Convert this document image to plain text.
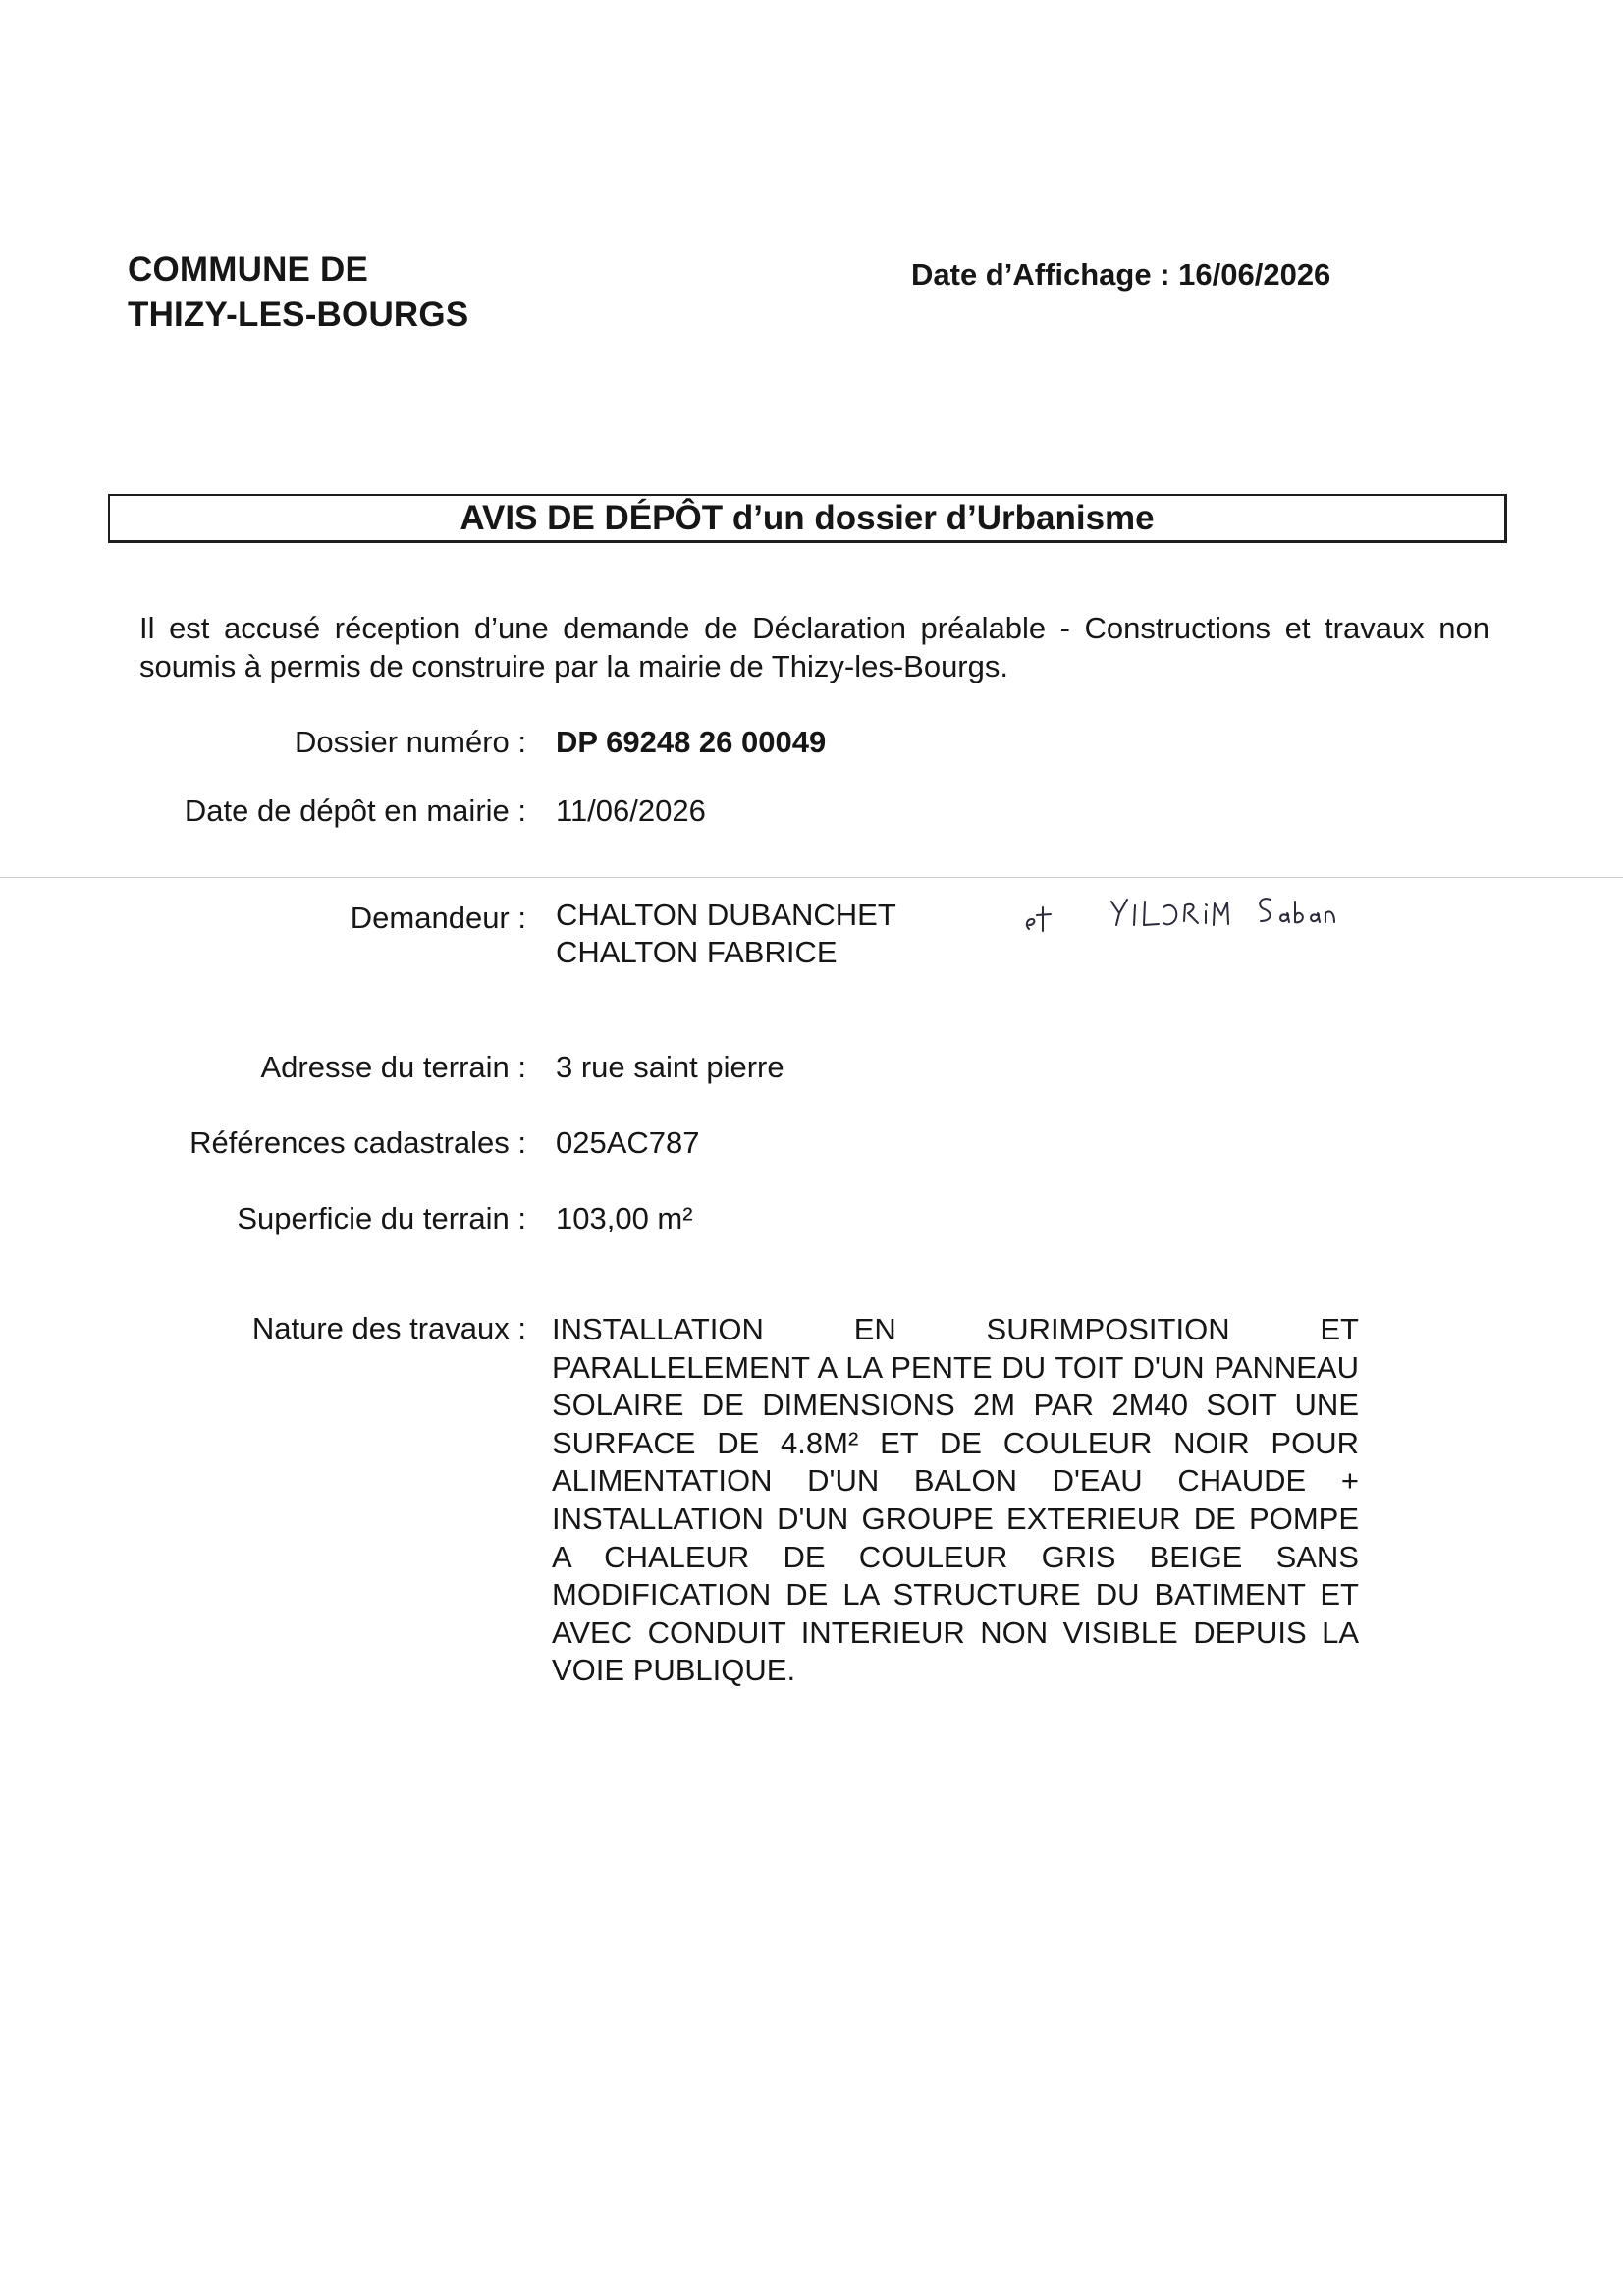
COMMUNE DE
THIZY-LES-BOURGS
Date d’Affichage : 16/06/2026
AVIS DE DÉPÔT d’un dossier d’Urbanisme
Il est accusé réception d’une demande de Déclaration préalable - Constructions et travaux non soumis à permis de construire par la mairie de Thizy-les-Bourgs.
Dossier numéro : DP 69248 26 00049
Date de dépôt en mairie : 11/06/2026
Demandeur : CHALTON DUBANCHET
CHALTON FABRICE
Adresse du terrain : 3 rue saint pierre
Références cadastrales : 025AC787
Superficie du terrain : 103,00 m²
Nature des travaux : INSTALLATION EN SURIMPOSITION ET PARALLELEMENT A LA PENTE DU TOIT D'UN PANNEAU SOLAIRE DE DIMENSIONS 2M PAR 2M40 SOIT UNE SURFACE DE 4.8M² ET DE COULEUR NOIR POUR ALIMENTATION D'UN BALON D'EAU CHAUDE + INSTALLATION D'UN GROUPE EXTERIEUR DE POMPE A CHALEUR DE COULEUR GRIS BEIGE SANS MODIFICATION DE LA STRUCTURE DU BATIMENT ET AVEC CONDUIT INTERIEUR NON VISIBLE DEPUIS LA VOIE PUBLIQUE.
